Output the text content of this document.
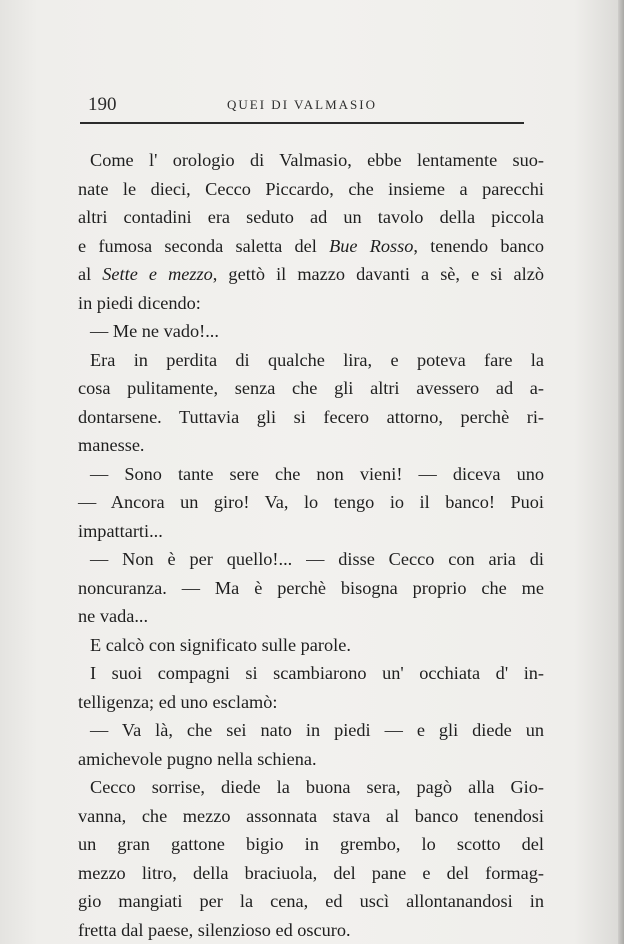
190	QUEI DI VALMASIO
Come l' orologio di Valmasio, ebbe lentamente suo-
nate le dieci, Cecco Piccardo, che insieme a parecchi
altri contadini era seduto ad un tavolo della piccola
e fumosa seconda saletta del Bue Rosso, tenendo banco
al Sette e mezzo, gettò il mazzo davanti a sè, e si alzò
in piedi dicendo:
— Me ne vado!...
Era in perdita di qualche lira, e poteva fare la
cosa pulitamente, senza che gli altri avessero ad a-
dontarsene. Tuttavia gli si fecero attorno, perchè ri-
manesse.
— Sono tante sere che non vieni! — diceva uno
— Ancora un giro! Va, lo tengo io il banco! Puoi
impattarti...
— Non è per quello!... — disse Cecco con aria di
noncuranza. — Ma è perchè bisogna proprio che me
ne vada...
E calcò con significato sulle parole.
I suoi compagni si scambiarono un' occhiata d' in-
telligenza; ed uno esclamò:
— Va là, che sei nato in piedi — e gli diede un
amichevole pugno nella schiena.
Cecco sorrise, diede la buona sera, pagò alla Gio-
vanna, che mezzo assonnata stava al banco tenendosi
un gran gattone bigio in grembo, lo scotto del
mezzo litro, della braciuola, del pane e del formag-
gio mangiati per la cena, ed uscì allontanandosi in
fretta dal paese, silenzioso ed oscuro.
